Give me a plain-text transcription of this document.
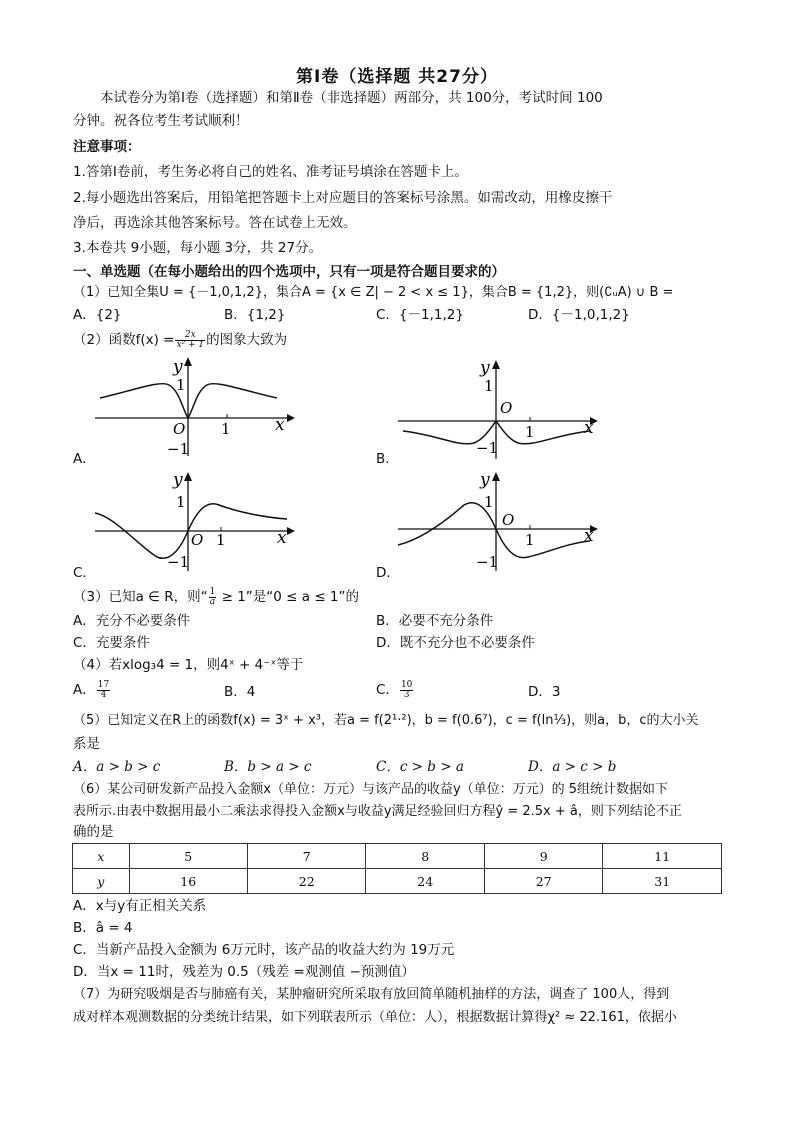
第Ⅰ卷（选择题 共27分）
本试卷分为第Ⅰ卷（选择题）和第Ⅱ卷（非选择题）两部分，共 100分，考试时间 100
分钟。祝各位考生考试顺利！
注意事项：
1.答第Ⅰ卷前，考生务必将自己的姓名、准考证号填涂在答题卡上。
2.每小题选出答案后，用铅笔把答题卡上对应题目的答案标号涂黑。如需改动，用橡皮擦干
净后，再选涂其他答案标号。答在试卷上无效。
3.本卷共 9小题，每小题 3分，共 27分。
一、单选题（在每小题给出的四个选项中，只有一项是符合题目要求的）
（1）已知全集U = {－1,0,1,2}，集合A = {x ∈ Z| − 2 < x ≤ 1}，集合B = {1,2}，则(∁ᵤA) ∪ B =
A．{2}	B．{1,2}	C．{－1,1,2}	D．{－1,0,1,2}
（2）函数$f(x) = \frac{2x}{\text{x² + 1}}$ 的图象大致为
x
y
O 1
1
−1
A．
x
y
O
1
1
−1
B．
x
y
O 1
1
−1
C．
x
y
O
1
1
−1
D．
（3）已知a ∈ R，则“ $\frac{1}{a} \ge 1$”是“0 ≤ a ≤ 1”的
A．充分不必要条件	B．必要不充分条件
C．充要条件	D．既不充分也不必要条件
（4）若xlog₃4 = 1，则4ˣ + 4⁻ˣ等于
A． $\frac{17}{4}$	B．4	C． $\frac{10}{3}$	D．3
（5）已知定义在R上的函数f(x) = 3ˣ + x³，若a = f(2¹·²)，b = f(0.6⁷)，c = f(ln⅓)，则a，b，c的大小关
系是
A．a > b > c	B．b > a > c	C．c > b > a	D．a > c > b
（6）某公司研发新产品投入金额x（单位：万元）与该产品的收益y（单位：万元）的 5组统计数据如下
表所示.由表中数据用最小二乘法求得投入金额x与收益y满足经验回归方程ŷ = 2.5x + â，则下列结论不正
确的是
x	5	7	8	9	11
y	16	22	24	27	31
A．x与y有正相关关系
B．â = 4
C．当新产品投入金额为 6万元时，该产品的收益大约为 19万元
D．当x = 11时，残差为 0.5（残差 =观测值 −预测值）
（7）为研究吸烟是否与肺癌有关，某肿瘤研究所采取有放回简单随机抽样的方法，调查了 100人，得到
成对样本观测数据的分类统计结果，如下列联表所示（单位：人），根据数据计算得χ² ≈ 22.161，依据小
